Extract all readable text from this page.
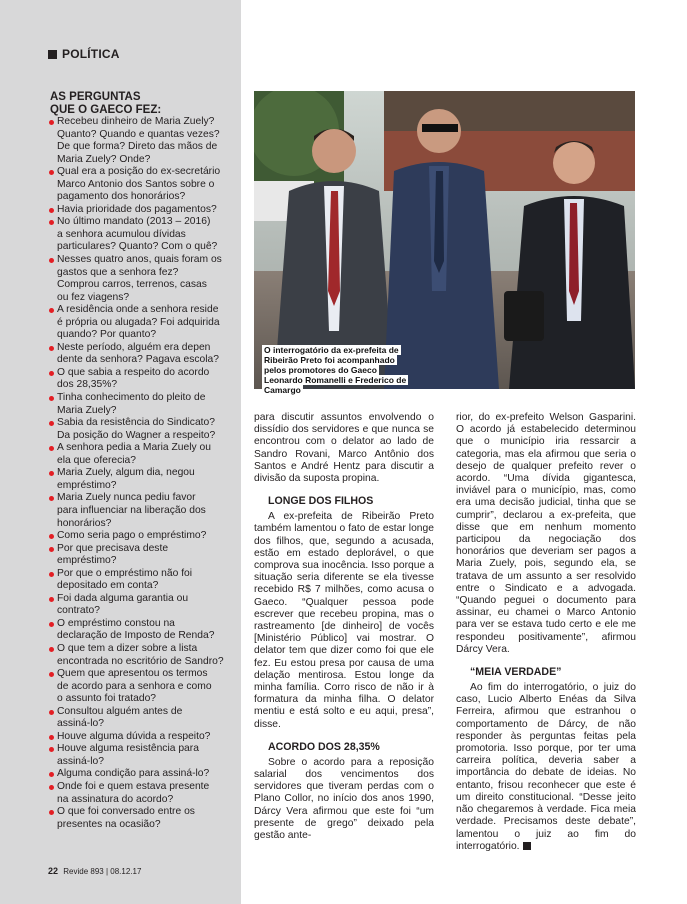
POLÍTICA
AS PERGUNTAS
QUE O GAECO FEZ:
Recebeu dinheiro de Maria Zuely?
Quanto? Quando e quantas vezes?
De que forma? Direto das mãos de
Maria Zuely? Onde?
Qual era a posição do ex-secretário
Marco Antonio dos Santos sobre o
pagamento dos honorários?
Havia prioridade dos pagamentos?
No último mandato (2013 – 2016)
a senhora acumulou dívidas
particulares? Quanto? Com o quê?
Nesses quatro anos, quais foram os
gastos que a senhora fez?
Comprou carros, terrenos, casas
ou fez viagens?
A residência onde a senhora reside
é própria ou alugada? Foi adquirida
quando? Por quanto?
Neste período, alguém era depen
dente da senhora? Pagava escola?
O que sabia a respeito do acordo
dos 28,35%?
Tinha conhecimento do pleito de
Maria Zuely?
Sabia da resistência do Sindicato?
Da posição do Wagner a respeito?
A senhora pedia a Maria Zuely ou
ela que oferecia?
Maria Zuely, algum dia, negou
empréstimo?
Maria Zuely nunca pediu favor
para influenciar na liberação dos
honorários?
Como seria pago o empréstimo?
Por que precisava deste
empréstimo?
Por que o empréstimo não foi
depositado em conta?
Foi dada alguma garantia ou
contrato?
O empréstimo constou na
declaração de Imposto de Renda?
O que tem a dizer sobre a lista
encontrada no escritório de Sandro?
Quem que apresentou os termos
de acordo para a senhora e como
o assunto foi tratado?
Consultou alguém antes de
assiná-lo?
Houve alguma dúvida a respeito?
Houve alguma resistência para
assiná-lo?
Alguma condição para assiná-lo?
Onde foi e quem estava presente
na assinatura do acordo?
O que foi conversado entre os
presentes na ocasião?
22 Revide 893 | 08.12.17
O interrogatório da ex-prefeita de Ribeirão Preto foi acompanhado pelos promotores do Gaeco Leonardo Romanelli e Frederico de Camargo

para discutir assuntos envolvendo o dissídio dos servidores e que nunca se encontrou com o delator ao lado de Sandro Rovani, Marco Antônio dos Santos e André Hentz para discutir a divisão da suposta propina.

LONGE DOS FILHOS

A ex-prefeita de Ribeirão Preto também lamentou o fato de estar longe dos filhos, que, segundo a acusada, estão em estado deplorável, o que comprova sua inocência. Isso porque a situação seria diferente se ela tivesse recebido R$ 7 milhões, como acusa o Gaeco. “Qualquer pessoa pode escrever que recebeu propina, mas o rastreamento [de dinheiro] de vocês [Ministério Público] vai mostrar. O delator tem que dizer como foi que ele fez. Eu estou presa por causa de uma delação mentirosa. Estou longe da minha família. Corro risco de não ir à formatura da minha filha. O delator mentiu e está solto e eu aqui, presa”, disse.

ACORDO DOS 28,35%

Sobre o acordo para a reposição salarial dos vencimentos dos servidores que tiveram perdas com o Plano Collor, no início dos anos 1990, Dárcy Vera afirmou que este foi “um presente de grego” deixado pela gestão ante-

rior, do ex-prefeito Welson Gasparini. O acordo já estabelecido determinou que o município iria ressarcir a categoria, mas ela afirmou que seria o desejo de qualquer prefeito rever o acordo. “Uma dívida gigantesca, inviável para o município, mas, como era uma decisão judicial, tinha que se cumprir”, declarou a ex-prefeita, que disse que em nenhum momento participou da negociação dos honorários que deveriam ser pagos a Maria Zuely, pois, segundo ela, se tratava de um assunto a ser resolvido entre o Sindicato e a advogada. “Quando peguei o documento para assinar, eu chamei o Marco Antonio para ver se estava tudo certo e ele me respondeu positivamente”, afirmou Dárcy Vera.

“MEIA VERDADE”

Ao fim do interrogatório, o juiz do caso, Lucio Alberto Enéas da Silva Ferreira, afirmou que estranhou o comportamento de Dárcy, de não responder às perguntas feitas pela promotoria. Isso porque, por ter uma carreira política, deveria saber a importância do debate de ideias. No entanto, frisou reconhecer que este é um direito constitucional. “Desse jeito não chegaremos à verdade. Fica meia verdade. Precisamos deste debate”, lamentou o juiz ao fim do interrogatório.
